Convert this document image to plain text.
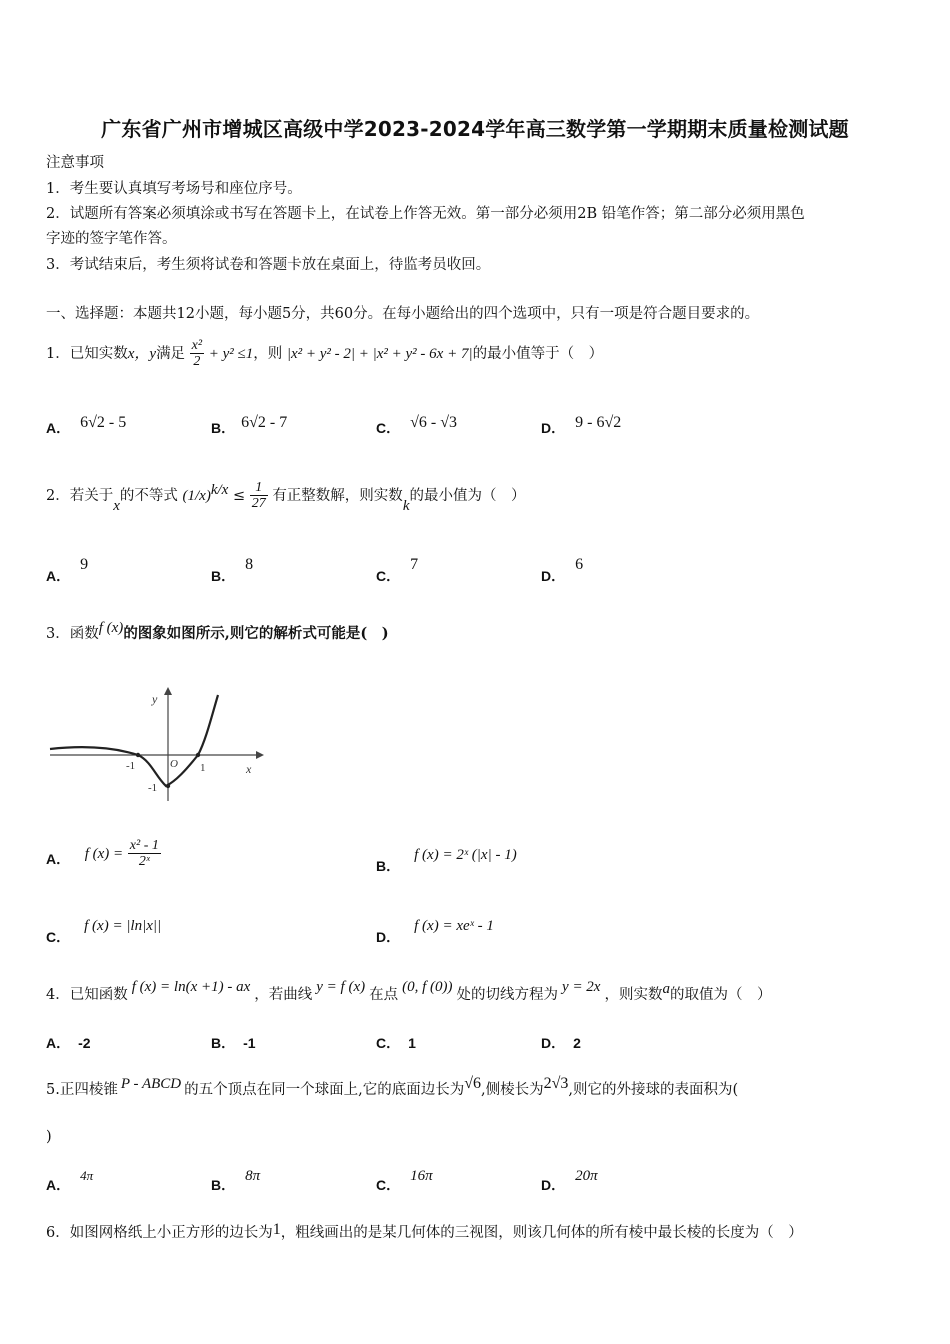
广东省广州市增城区高级中学2023-2024学年高三数学第一学期期末质量检测试题
注意事项
1．考生要认真填写考场号和座位序号。
2．试题所有答案必须填涂或书写在答题卡上，在试卷上作答无效。第一部分必须用2B 铅笔作答；第二部分必须用黑色
字迹的签字笔作答。
3．考试结束后，考生须将试卷和答题卡放在桌面上，待监考员收回。
一、选择题：本题共12小题，每小题5分，共60分。在每小题给出的四个选项中，只有一项是符合题目要求的。
1．已知实数x，y满足 $\frac{\text{x²}}{2} + y^2 \le 1$，则 |x² + y² - 2| + |x² + y² - 6x + 7|的最小值等于（　）
A． 6√2 - 5	B． 6√2 - 7	C． √6 - √3	D． 9 - 6√2
2．若关于x的不等式 $(1/x)^{k/x} \le \frac{1}{27}$ 有正整数解，则实数k的最小值为（　）
A．9
B．8
C．7
D．6
3．函数f (x)的图象如图所示,则它的解析式可能是(　)
y
x
O
-1	1
-1
A． f $(x) = \frac{\text{x² - 1}}{\text{2ˣ}}$	B．f (x) = 2ˣ (|x| - 1)
C．f (x) = |ln|x||
D．f (x) = xeˣ - 1
4．已知函数 f (x) = ln(x +1) - ax ，若曲线 y = f (x) 在点 (0, f (0)) 处的切线方程为 y = 2x ，则实数a的取值为（　）
A． -2	B． -1	C． 1	D． 2
5.正四棱锥 P - ABCD 的五个顶点在同一个球面上,它的底面边长为√6,侧棱长为2√3,则它的外接球的表面积为(
)
A．4π
B．8π
C．16π
D．20π
6．如图网格纸上小正方形的边长为1，粗线画出的是某几何体的三视图，则该几何体的所有棱中最长棱的长度为（　）
